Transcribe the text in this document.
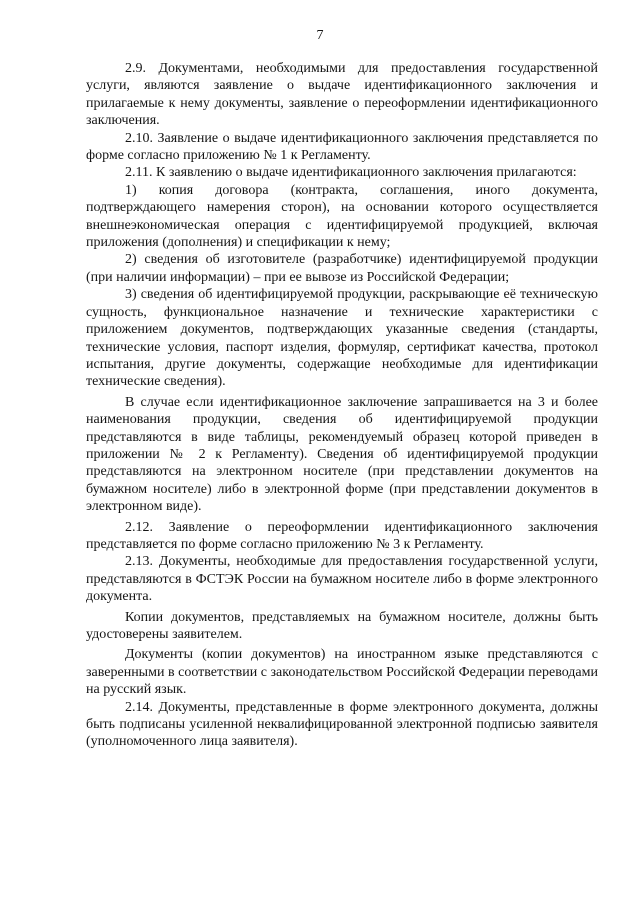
7

2.9. Документами, необходимыми для предоставления государственной услуги, являются заявление о выдаче идентификационного заключения и прилагаемые к нему документы, заявление о переоформлении идентификационного заключения.

2.10. Заявление о выдаче идентификационного заключения представляется по форме согласно приложению № 1 к Регламенту.

2.11. К заявлению о выдаче идентификационного заключения прилагаются:

1) копия договора (контракта, соглашения, иного документа, подтверждающего намерения сторон), на основании которого осуществляется внешнеэкономическая операция с идентифицируемой продукцией, включая приложения (дополнения) и спецификации к нему;

2) сведения об изготовителе (разработчике) идентифицируемой продукции (при наличии информации) – при ее вывозе из Российской Федерации;

3) сведения об идентифицируемой продукции, раскрывающие её техническую сущность, функциональное назначение и технические характеристики с приложением документов, подтверждающих указанные сведения (стандарты, технические условия, паспорт изделия, формуляр, сертификат качества, протокол испытания, другие документы, содержащие необходимые для идентификации технические сведения).

В случае если идентификационное заключение запрашивается на 3 и более наименования продукции, сведения об идентифицируемой продукции представляются в виде таблицы, рекомендуемый образец которой приведен в приложении № 2 к Регламенту). Сведения об идентифицируемой продукции представляются на электронном носителе (при представлении документов на бумажном носителе) либо в электронной форме (при представлении документов в электронном виде).

2.12. Заявление о переоформлении идентификационного заключения представляется по форме согласно приложению № 3 к Регламенту.

2.13. Документы, необходимые для предоставления государственной услуги, представляются в ФСТЭК России на бумажном носителе либо в форме электронного документа.

Копии документов, представляемых на бумажном носителе, должны быть удостоверены заявителем.

Документы (копии документов) на иностранном языке представляются с заверенными в соответствии с законодательством Российской Федерации переводами на русский язык.

2.14. Документы, представленные в форме электронного документа, должны быть подписаны усиленной неквалифицированной электронной подписью заявителя (уполномоченного лица заявителя).
